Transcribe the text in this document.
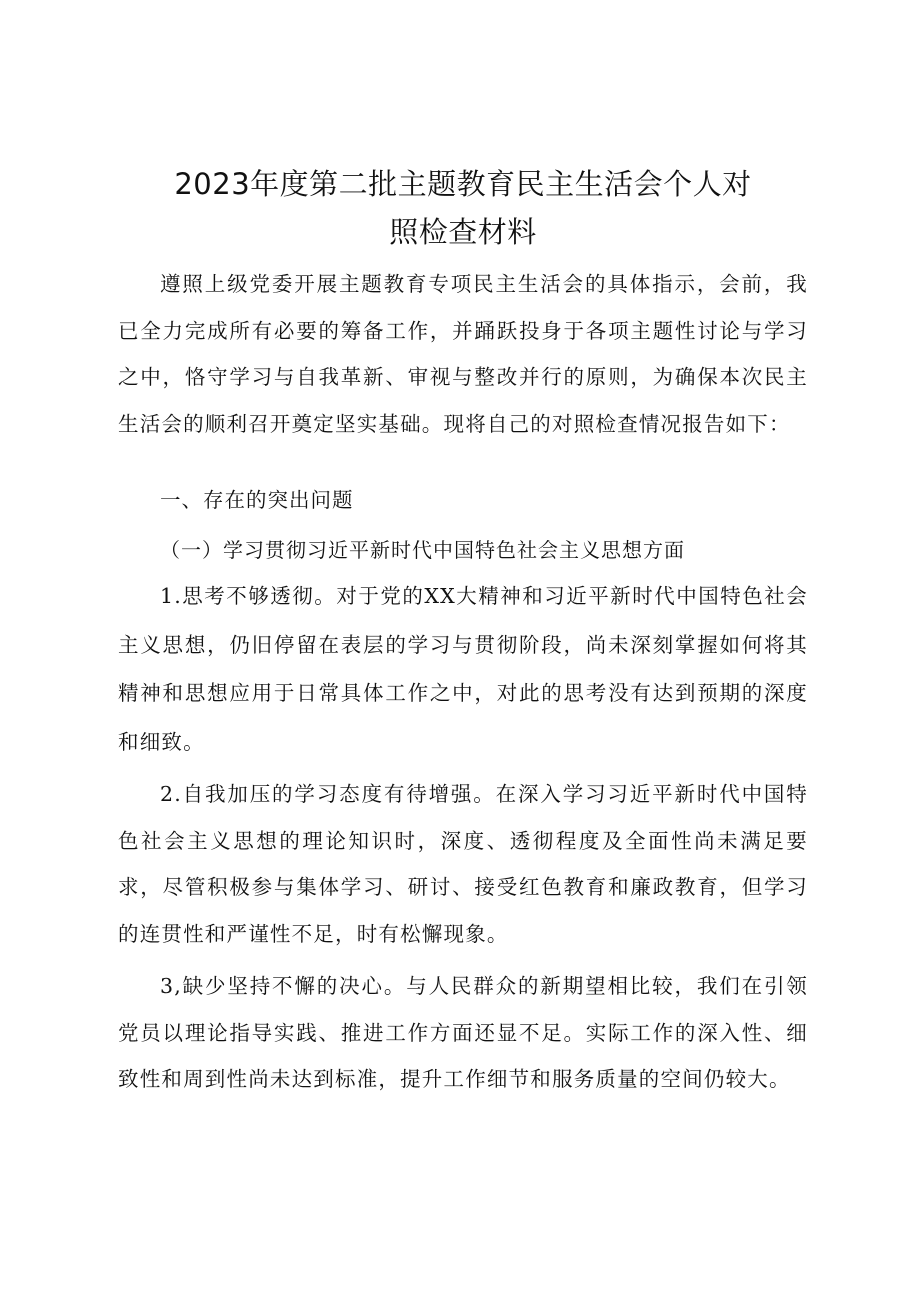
2023年度第二批主题教育民主生活会个人对
照检查材料

遵照上级党委开展主题教育专项民主生活会的具体指示，会前，我已全力完成所有必要的筹备工作，并踊跃投身于各项主题性讨论与学习之中，恪守学习与自我革新、审视与整改并行的原则，为确保本次民主生活会的顺利召开奠定坚实基础。现将自己的对照检查情况报告如下：

一、存在的突出问题

（一）学习贯彻习近平新时代中国特色社会主义思想方面

1.思考不够透彻。对于党的XX大精神和习近平新时代中国特色社会主义思想，仍旧停留在表层的学习与贯彻阶段，尚未深刻掌握如何将其精神和思想应用于日常具体工作之中，对此的思考没有达到预期的深度和细致。

2.自我加压的学习态度有待增强。在深入学习习近平新时代中国特色社会主义思想的理论知识时，深度、透彻程度及全面性尚未满足要求，尽管积极参与集体学习、研讨、接受红色教育和廉政教育，但学习的连贯性和严谨性不足，时有松懈现象。

3,缺少坚持不懈的决心。与人民群众的新期望相比较，我们在引领党员以理论指导实践、推进工作方面还显不足。实际工作的深入性、细致性和周到性尚未达到标准，提升工作细节和服务质量的空间仍较大。
